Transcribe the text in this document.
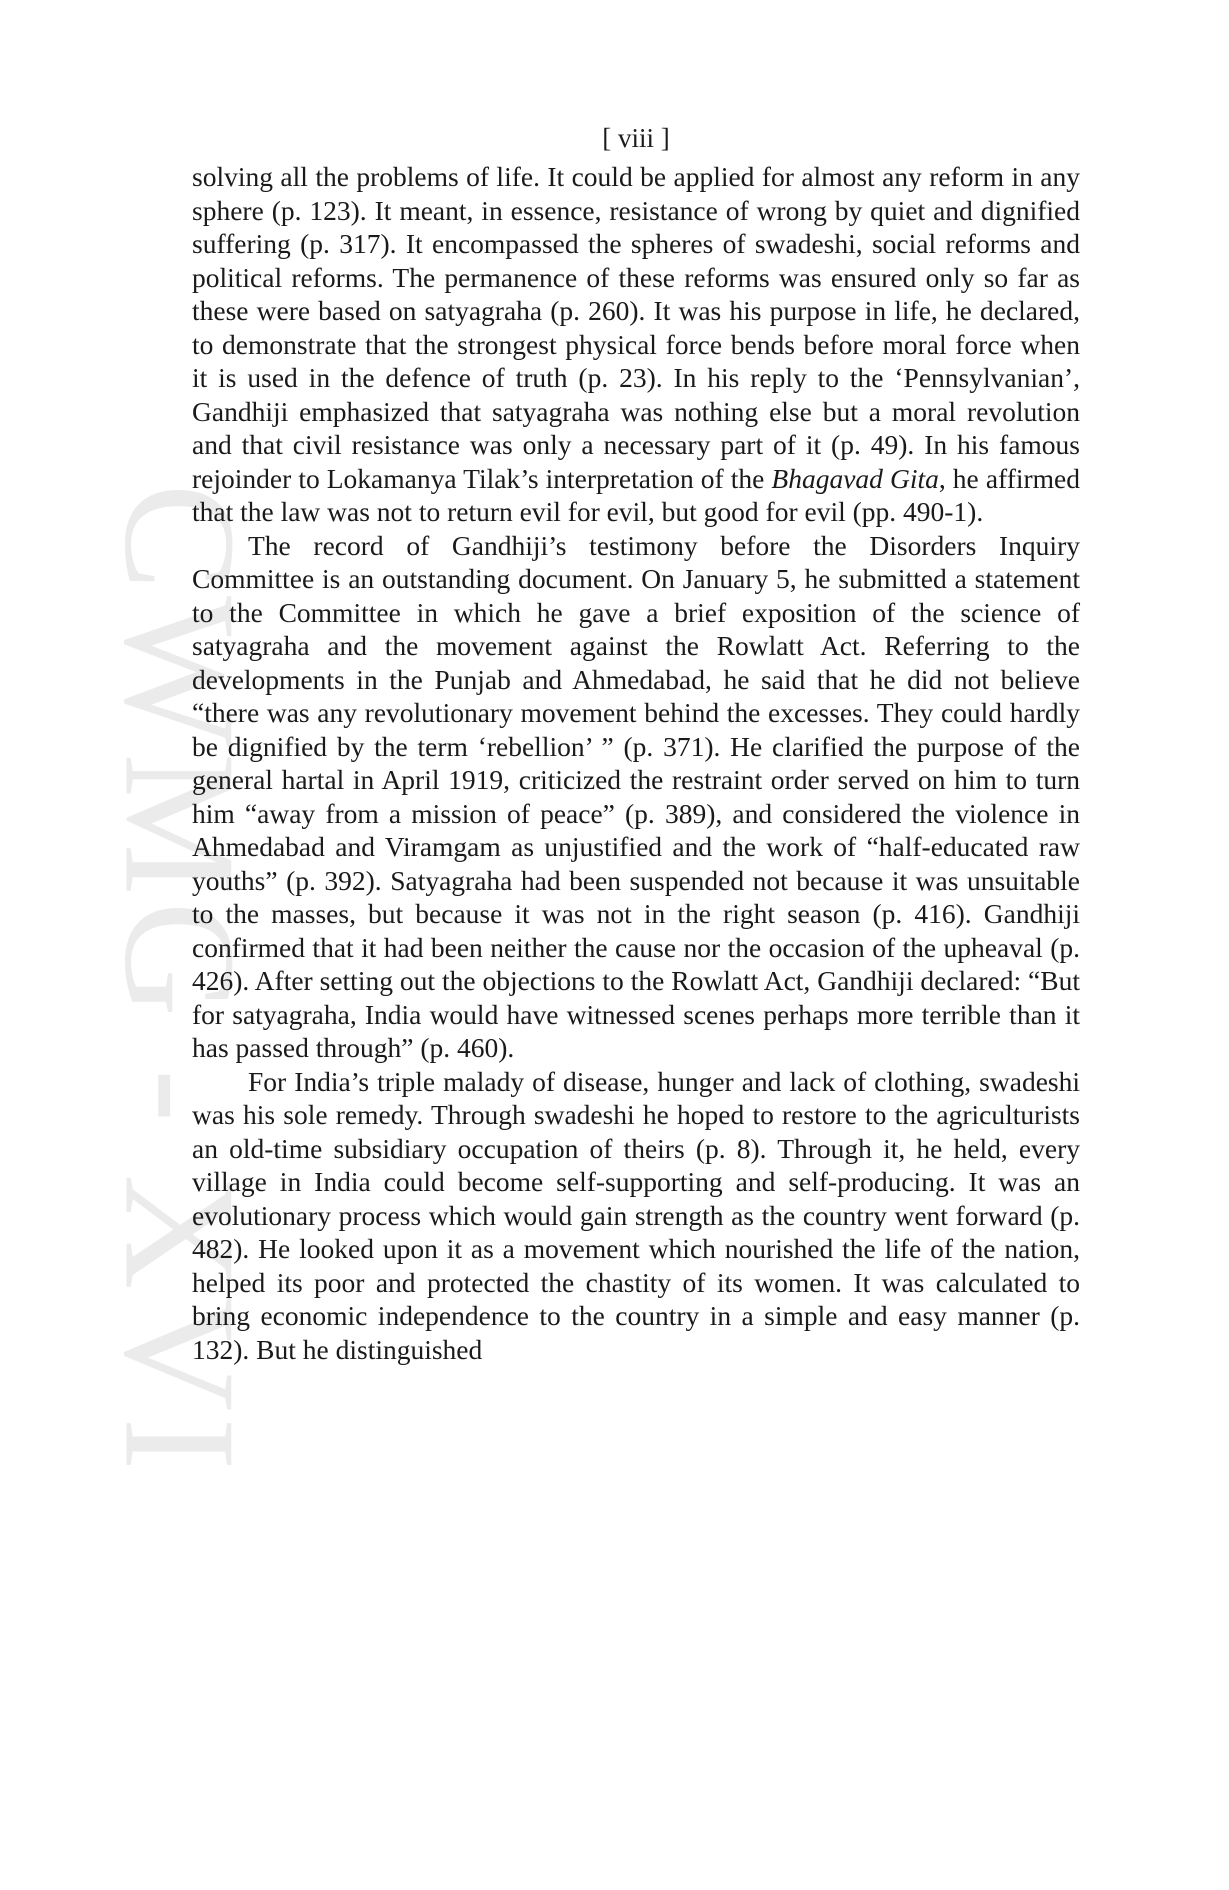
CWMG - XVI
[ viii ]

solving all the problems of life. It could be applied for almost any reform in any sphere (p. 123). It meant, in essence, resistance of wrong by quiet and dignified suffering (p. 317). It encompassed the spheres of swadeshi, social reforms and political reforms. The permanence of these reforms was ensured only so far as these were based on satyagraha (p. 260). It was his purpose in life, he declared, to demonstrate that the strongest physical force bends before moral force when it is used in the defence of truth (p. 23). In his reply to the ‘Pennsylvanian’, Gandhiji emphasized that satyagraha was nothing else but a moral revolution and that civil resistance was only a necessary part of it (p. 49). In his famous rejoinder to Lokamanya Tilak’s interpretation of the Bhagavad Gita, he affirmed that the law was not to return evil for evil, but good for evil (pp. 490-1).

The record of Gandhiji’s testimony before the Disorders Inquiry Committee is an outstanding document. On January 5, he submitted a statement to the Committee in which he gave a brief exposition of the science of satyagraha and the movement against the Rowlatt Act. Referring to the developments in the Punjab and Ahmedabad, he said that he did not believe “there was any revolutionary movement behind the excesses. They could hardly be dignified by the term ‘rebellion’ ” (p. 371). He clarified the purpose of the general hartal in April 1919, criticized the restraint order served on him to turn him “away from a mission of peace” (p. 389), and considered the violence in Ahmedabad and Viramgam as unjustified and the work of “half-educated raw youths” (p. 392). Satyagraha had been suspended not because it was unsuitable to the masses, but because it was not in the right season (p. 416). Gandhiji confirmed that it had been neither the cause nor the occasion of the upheaval (p. 426). After setting out the objections to the Rowlatt Act, Gandhiji declared: “But for satyagraha, India would have witnessed scenes perhaps more terrible than it has passed through” (p. 460).

For India’s triple malady of disease, hunger and lack of clothing, swadeshi was his sole remedy. Through swadeshi he hoped to restore to the agriculturists an old-time subsidiary occupation of theirs (p. 8). Through it, he held, every village in India could become self-supporting and self-producing. It was an evolutionary process which would gain strength as the country went forward (p. 482). He looked upon it as a movement which nourished the life of the nation, helped its poor and protected the chastity of its women. It was calculated to bring economic independence to the country in a simple and easy manner (p. 132). But he distinguished
